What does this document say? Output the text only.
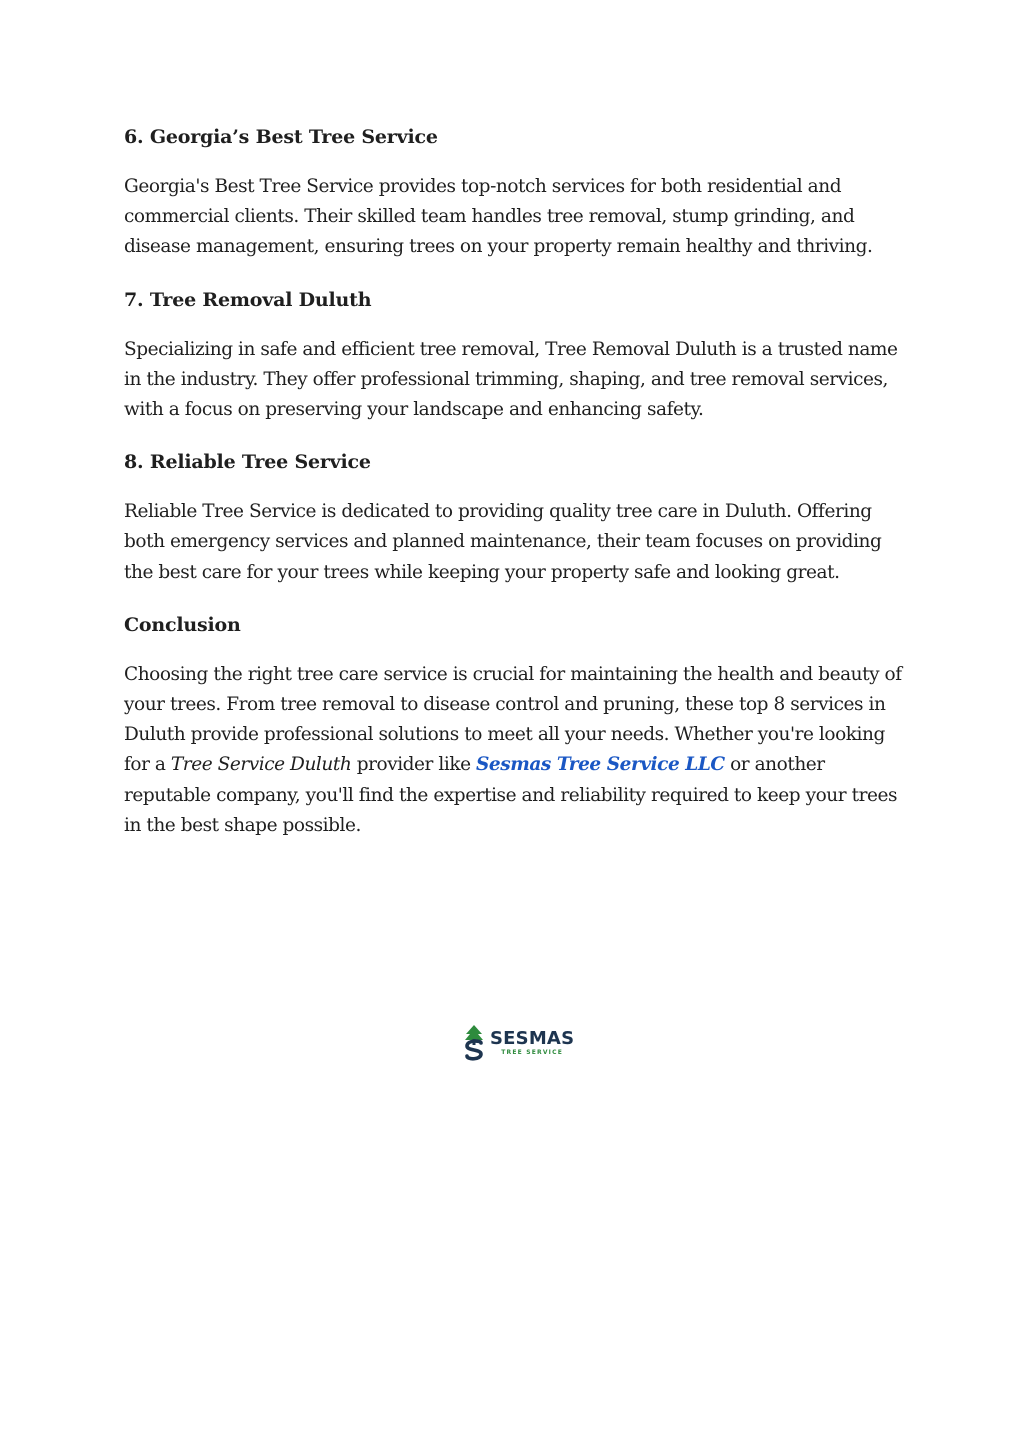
6. Georgia’s Best Tree Service

Georgia's Best Tree Service provides top-notch services for both residential and commercial clients. Their skilled team handles tree removal, stump grinding, and disease management, ensuring trees on your property remain healthy and thriving.

7. Tree Removal Duluth

Specializing in safe and efficient tree removal, Tree Removal Duluth is a trusted name in the industry. They offer professional trimming, shaping, and tree removal services, with a focus on preserving your landscape and enhancing safety.

8. Reliable Tree Service

Reliable Tree Service is dedicated to providing quality tree care in Duluth. Offering both emergency services and planned maintenance, their team focuses on providing the best care for your trees while keeping your property safe and looking great.

Conclusion

Choosing the right tree care service is crucial for maintaining the health and beauty of your trees. From tree removal to disease control and pruning, these top 8 services in Duluth provide professional solutions to meet all your needs. Whether you're looking for a Tree Service Duluth provider like Sesmas Tree Service LLC or another reputable company, you'll find the expertise and reliability required to keep your trees in the best shape possible.

SESMAS
TREE SERVICE
